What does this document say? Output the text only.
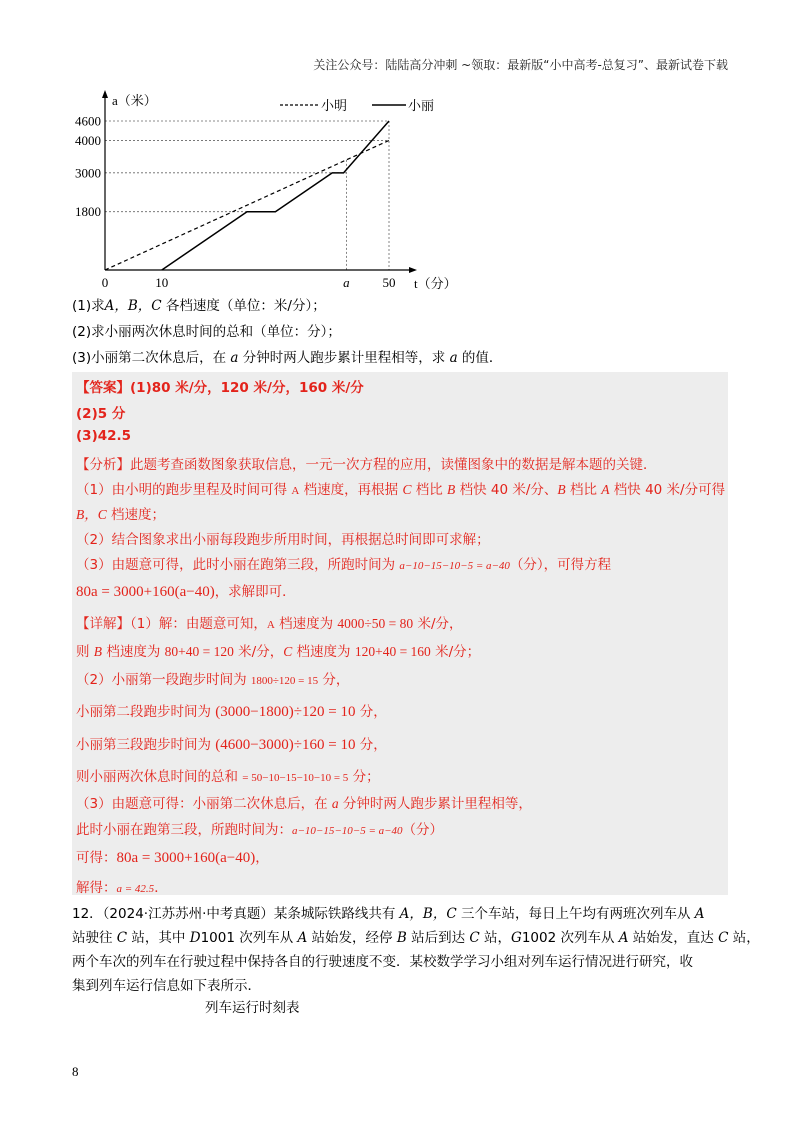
关注公众号：陆陆高分冲刺 ~领取：最新版“小中高考-总复习”、最新试卷下载
4600
4000
3000
1800
0	10	a	50
a（米）
t（分）
小明	小丽
(1)求A，B，C 各档速度（单位：米/分）；
(2)求小丽两次休息时间的总和（单位：分）；
(3)小丽第二次休息后，在 a 分钟时两人跑步累计里程相等，求 a 的值．
【答案】(1)80 米/分，120 米/分，160 米/分
(2)5 分
(3)42.5
【分析】此题考查函数图象获取信息，一元一次方程的应用，读懂图象中的数据是解本题的关键．
（1）由小明的跑步里程及时间可得 A 档速度，再根据 C 档比 B 档快 40 米/分、B 档比 A 档快 40 米/分可得
B，C 档速度；
（2）结合图象求出小丽每段跑步所用时间，再根据总时间即可求解；
（3）由题意可得，此时小丽在跑第三段，所跑时间为 a−10−15−10−5 = a−40（分），可得方程
80a = 3000+160(a−40)，求解即可．
【详解】（1）解：由题意可知，A 档速度为 4000÷50 = 80 米/分，
则 B 档速度为 80+40 = 120 米/分，C 档速度为 120+40 = 160 米/分；
（2）小丽第一段跑步时间为 1800÷120 = 15 分，
小丽第二段跑步时间为 (3000−1800)÷120 = 10 分，
小丽第三段跑步时间为 (4600−3000)÷160 = 10 分，
则小丽两次休息时间的总和 = 50−10−15−10−10 = 5 分；
（3）由题意可得：小丽第二次休息后，在 a 分钟时两人跑步累计里程相等，
此时小丽在跑第三段，所跑时间为：a−10−15−10−5 = a−40（分）
可得：80a = 3000+160(a−40)，
解得：a = 42.5．
12．（2024·江苏苏州·中考真题）某条城际铁路线共有 A，B，C 三个车站，每日上午均有两班次列车从 A
站驶往 C 站，其中 D1001 次列车从 A 站始发，经停 B 站后到达 C 站，G1002 次列车从 A 站始发，直达 C 站，
两个车次的列车在行驶过程中保持各自的行驶速度不变．某校数学学习小组对列车运行情况进行研究，收
集到列车运行信息如下表所示．
列车运行时刻表
8
